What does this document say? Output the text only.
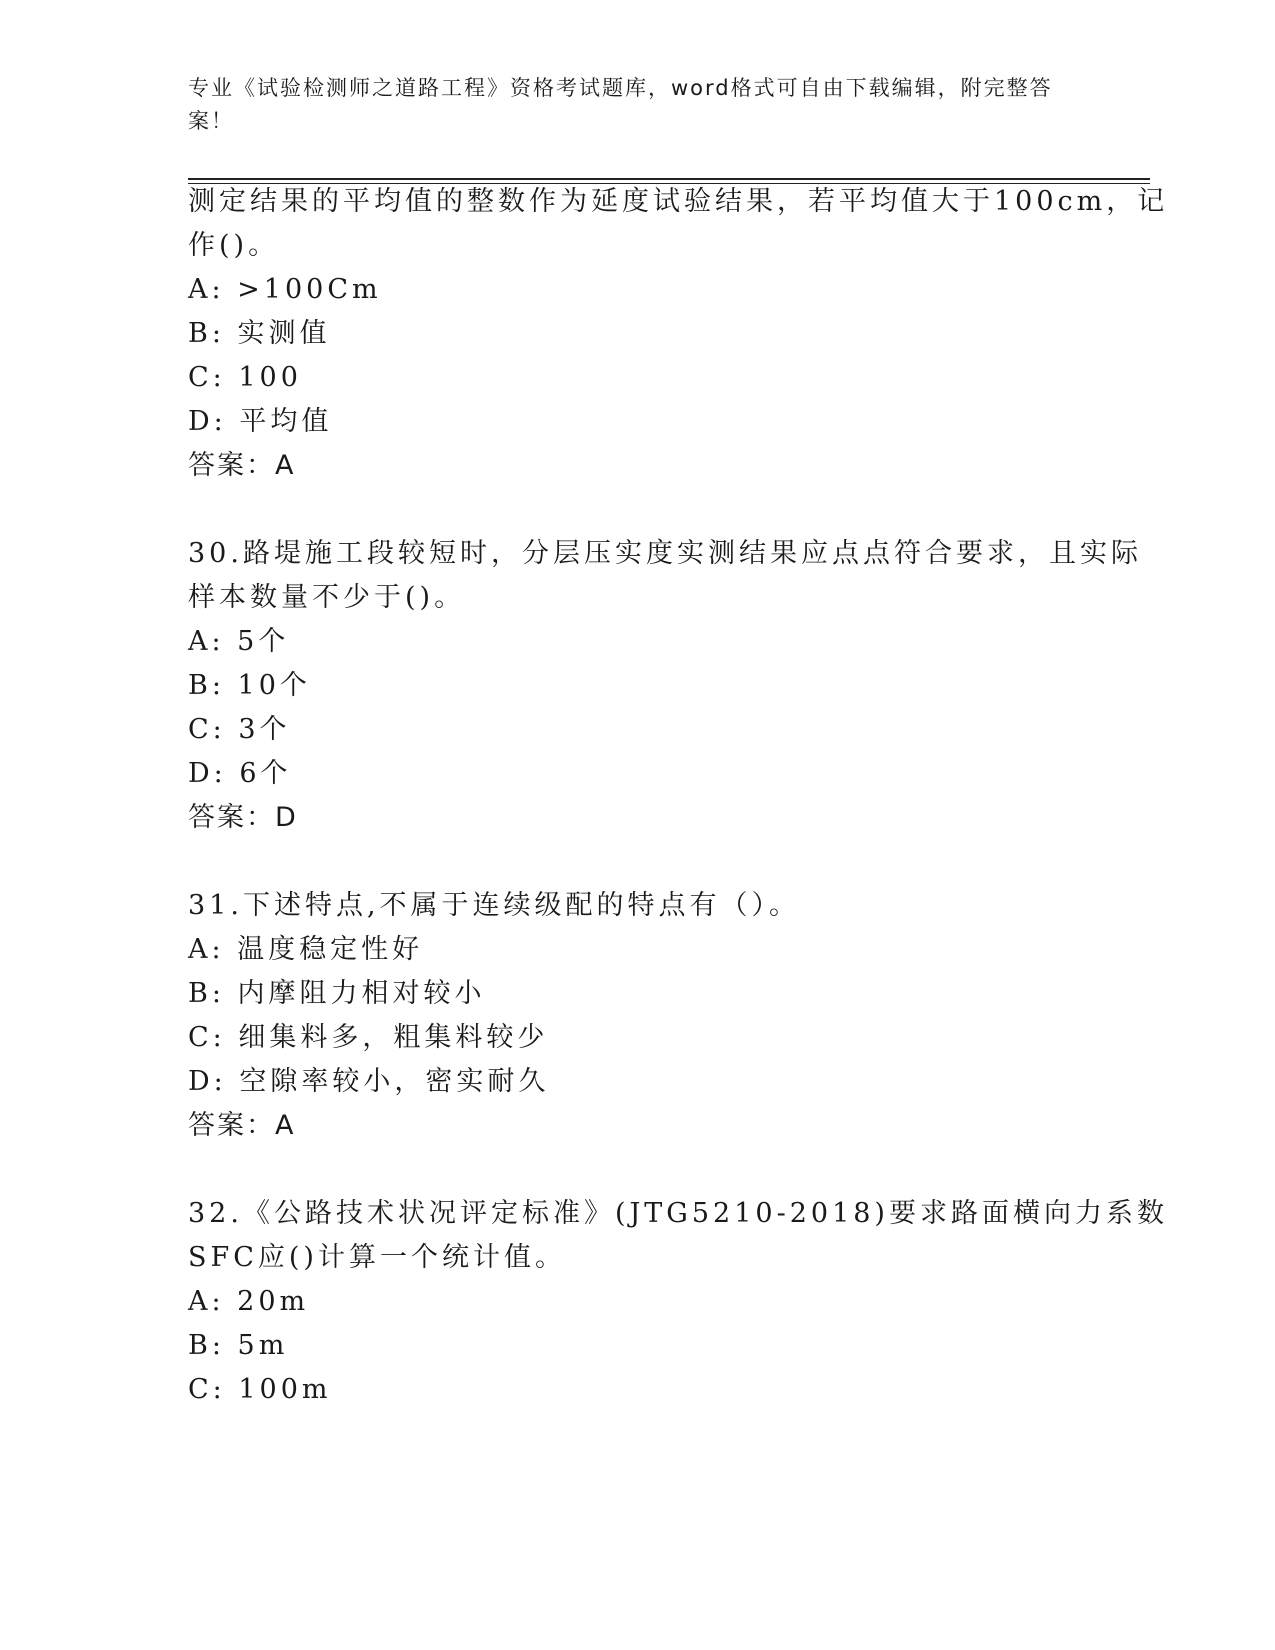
专业《试验检测师之道路工程》资格考试题库，word格式可自由下载编辑，附完整答案！
测定结果的平均值的整数作为延度试验结果，若平均值大于100cm，记
作()。
A: >100Cm
B: 实测值
C: 100
D: 平均值
答案：A
30.路堤施工段较短时，分层压实度实测结果应点点符合要求，且实际
样本数量不少于()。
A: 5个
B: 10个
C: 3个
D: 6个
答案：D
31.下述特点,不属于连续级配的特点有（）。
A: 温度稳定性好
B: 内摩阻力相对较小
C: 细集料多，粗集料较少
D: 空隙率较小，密实耐久
答案：A
32.《公路技术状况评定标准》(JTG5210-2018)要求路面横向力系数
SFC应()计算一个统计值。
A: 20m
B: 5m
C: 100m
